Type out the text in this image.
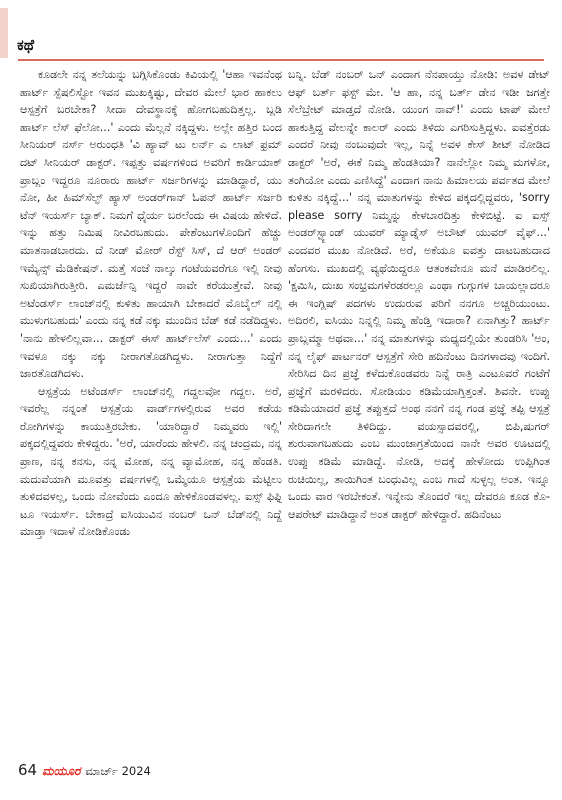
ಕಥೆ

ಕೂಡಲೇ ನನ್ನ ತಲೆಯನ್ನು ಬಗ್ಗಿಸಿಕೊಂಡು ಕಿವಿಯಲ್ಲಿ 'ಆಹಾ ಇವನೆಂಥ ಹಾರ್ಟ್ ಸ್ಪೆಷಲಿಸ್ಟೋ ಇವನ ಮುಖಕ್ಕಿಷ್ಟು, ದೇವರ ಮೇಲೆ ಭಾರ ಹಾಕಲು ಆಸ್ಪತ್ರೆಗೆ ಬರಬೇಕಾ? ಸೀದಾ ದೇವಸ್ಥಾನಕ್ಕೆ ಹೋಗಬಹುದಿತ್ತಲ್ಲ. ಬ್ಲಡಿ ಹಾರ್ಟ್ ಲೆಸ್ ಫೆಲೋ...' ಎಂದು ಮೆಲ್ಲನೆ ನಕ್ಕಿದ್ದಳು. ಅಲ್ಲೇ ಹತ್ತಿರ ಬಂದ ಸೀನಿಯರ್ ನರ್ಸ್ ಅರುಂಧತಿ 'ವಿ ಹ್ಯಾವ್ ಟು ಲರ್ನ್ ಎ ಲಾಟ್ ಫ್ರಮ್ ದಟ್ ಸೀನಿಯರ್ ಡಾಕ್ಟರ್. ಇಪ್ಪತ್ತು ವರ್ಷಗಳಿಂದ ಅವರಿಗೆ ಕಾರ್ಡಿಯಾಕ್ ಪ್ರಾಬ್ಲಂ ಇದ್ದರೂ ನೂರಾರು ಹಾರ್ಟ್ ಸರ್ಜರಿಗಳನ್ನು ಮಾಡಿದ್ದಾರೆ, ಯು ನೋ, ಹೀ ಹಿಮ್‌ಸೆಲ್ಫ್ ಹ್ಯಾಸ್ ಅಂಡರ್‌ಗಾನ್ ಓಪನ್ ಹಾರ್ಟ್ ಸರ್ಜರಿ ಟೆನ್ ಇಯರ್ಸ್ ಬ್ಯಾಕ್. ನಿಮಗೆ ಧೈರ್ಯ ಬರಲೆಂದು ಈ ವಿಷಯ ಹೇಳಿದೆ. ಇನ್ನು ಹತ್ತು ನಿಮಿಷ ನೀವಿರಬಹುದು. ಪೇಶೆಂಟುಗಳೊಂದಿಗೆ ಹೆಚ್ಚು ಮಾತನಾಡಬಾರದು. ದೆ ನೀಡ್ ಮೋರ್ ರೆಸ್ಟ್ ಸಿಸ್, ದೆ ಆರ್ ಅಂಡರ್ ಇಮ್ಯೆನ್ಸ್ ಮೆಡಿಕೇಷನ್. ಮತ್ತೆ ಸಂಜೆ ನಾಲ್ಕು ಗಂಟೆಯವರೆಗೂ ಇಲ್ಲಿ ನೀವು ಸುಖಿಯಾಗಿರುತ್ತೀರಿ. ಎಮರ್ಜೆನ್ಸಿ ಇದ್ದರೆ ನಾವೇ ಕರೆಯುತ್ತೇವೆ. ನೀವು ಅಟೆಂಡರ್ಸ್ ಲಾಂಜ್‌ನಲ್ಲಿ ಕುಳಿತು ಹಾಯಾಗಿ ಬೇಕಾದರೆ ಮೊಬೈಲ್ ನಲ್ಲಿ ಮುಳುಗಬಹುದು' ಎಂದು ನನ್ನ ಕಡೆ ನಕ್ಕು ಮುಂದಿನ ಬೆಡ್ ಕಡೆ ನಡೆದಿದ್ದಳು. 'ನಾನು ಹೇಳಲಿಲ್ಲವಾ... ಡಾಕ್ಟರ್ ಈಸ್ ಹಾರ್ಟ್‌ಲೆಸ್ ಎಂದು...' ಎಂದು ಇವಳೂ ನಕ್ಕು ನಕ್ಕು ನೀರಾಗತೊಡಗಿದ್ದಳು. ನೀರಾಗುತ್ತಾ ನಿದ್ದೆಗೆ ಜಾರತೊಡಗಿದಳು.

ಆಸ್ಪತ್ರೆಯ ಅಟೆಂಡರ್ಸ್ ಲಾಂಜ್‌ನಲ್ಲಿ ಗದ್ದಲವೋ ಗದ್ದಲ. ಅರೆ, ಇವರೆಲ್ಲ ನನ್ನಂತೆ ಆಸ್ಪತ್ರೆಯ ವಾರ್ಡ್‌ಗಳಲ್ಲಿರುವ ಅವರ ಕಡೆಯ ರೋಗಿಗಳನ್ನು ಕಾಯುತ್ತಿರಬೇಕು. 'ಯಾರಿದ್ದಾರೆ ನಿಮ್ಮವರು ಇಲ್ಲಿ' ಪಕ್ಕದಲ್ಲಿದ್ದವರು ಕೇಳಿದ್ದರು. 'ಅರೆ, ಯಾರೆಂದು ಹೇಳಲಿ. ನನ್ನ ಚಂದ್ರಮ, ನನ್ನ ಪ್ರಾಣ, ನನ್ನ ಕನಸು, ನನ್ನ ಮೋಹ, ನನ್ನ ವ್ಯಾಮೋಹ, ನನ್ನ ಹೆಂಡತಿ. ಮದುವೆಯಾಗಿ ಮೂವತ್ತು ವರ್ಷಗಳಲ್ಲಿ ಒಮ್ಮೆಯೂ ಆಸ್ಪತ್ರೆಯ ಮೆಟ್ಟಿಲು ತುಳಿದವಳಲ್ಲ, ಒಂದು ನೋವೆಂದು ಎಂದೂ ಹೇಳಿಕೊಂಡವಳಲ್ಲ. ಐಸ್ಸ್ ಫಿಫ್ಟಿ ಟೂ ಇಯರ್ಸ್. ಬೇಕಾದ್ರೆ ಐಸಿಯುವಿನ ನಂಬರ್ ಒನ್ ಬೆಡ್‌ನಲ್ಲಿ ನಿದ್ದೆ ಮಾಡ್ತಾ ಇದಾಳೆ ನೋಡಿಕೊಂಡು

ಬನ್ನಿ. ಬೆಡ್ ನಂಬರ್ ಒನ್ ಎಂದಾಗ ನೆನಪಾಯ್ತು ನೋಡಿ: ಅವಳ ಡೇಟ್ ಆಫ್ ಬರ್ತ್ ಫಸ್ಟ್ ಮೇ. 'ಆ ಹಾ, ನನ್ನ ಬರ್ತ್ ಡೇನ ಇಡೀ ಜಗತ್ತೇ ಸೆಲೆಬ್ರೇಟ್ ಮಾಡ್ತದೆ ನೋಡಿ. ಯುಂಗ ನಾವ್!' ಎಂದು ಟಾಪ್ ಮೇಲೆ ಹಾಕುತ್ತಿದ್ದ ವೇಲನ್ನೇ ಕಾಲರ್ ಎಂದು ತಿಳಿದು ಎಗರಿಸುತ್ತಿದ್ದಳು. ಐವತ್ತೆರಡು ಎಂದರೆ ನೀವು ನಂಬುವುದೇ ಇಲ್ಲ, ನಿನ್ನೆ ಅವಳ ಕೇಸ್ ಶೀಟ್ ನೋಡಿದ ಡಾಕ್ಟರ್ 'ಅರೆ, ಈಕೆ ನಿಮ್ಮ ಹೆಂಡತಿಯಾ? ನಾನೆಲ್ಲೋ ನಿಮ್ಮ ಮಗಳೋ, ತಂಗಿಯೋ ಎಂದು ಎಣಿಸಿದ್ದೆ' ಎಂದಾಗ ನಾನು ಹಿಮಾಲಯ ಪರ್ವತದ ಮೇಲೆ ಕುಳಿತು ನಕ್ಕಿದ್ದೆ...' ನನ್ನ ಮಾತುಗಳನ್ನು ಕೇಳಿದ ಪಕ್ಕದಲ್ಲಿದ್ದವರು, 'sorry please sorry ನಿಮ್ಮನ್ನು ಕೇಳಬಾರದಿತ್ತು ಕೇಳಿಬಿಟ್ಟೆ. ಐ ಐಸ್ಸ್ ಅಂಡರ್‌ಸ್ಟ್ಯಾಂಡ್ ಯುವರ್ ಮ್ಯಾಡ್ನೆಸ್ ಅಬೌಟ್ ಯುವರ್ ವೈಫ್...' ಎಂದವರ ಮುಖ ನೋಡಿದೆ. ಅರೆ, ಅಕೆಯೂ ಐವತ್ತು ದಾಟಬಹುದಾದ ಹೆಂಗಸು. ಮುಖದಲ್ಲಿ ವ್ಯಥೆಯಿದ್ದರೂ ಆತಂಕವೇನೂ ಮನೆ ಮಾಡಿರಲಿಲ್ಲ. 'ಕ್ಷಮಿಸಿ, ದುಃಖ ಸಂಭ್ರಮಗಳೆರಡರಲ್ಲೂ ಎಂಥಾ ಗುಗ್ಗುಗಳ ಬಾಯಲ್ಲಾದರೂ ಈ ಇಂಗ್ಲಿಷ್ ಪದಗಳು ಉದುರುವ ಪರಿಗೆ ನನಗೂ ಅಚ್ಚರಿಯುಂಟು. ಅದಿರಲಿ, ಐಸಿಯು ನಿನ್ನಲ್ಲಿ ನಿಮ್ಮ ಹೆಂಡ್ತಿ ಇದಾರಾ? ಏನಾಗಿತ್ತು? ಹಾರ್ಟ್ ಪ್ರಾಬ್ಲಮ್ಮಾ ಅಥವಾ...' ನನ್ನ ಮಾತುಗಳನ್ನು ಮಧ್ಯದಲ್ಲಿಯೇ ತುಂಡರಿಸಿ 'ಅಂ, ನನ್ನ ಲೈಫ್ ಪಾರ್ಟನರ್ ಆಸ್ಪತ್ರೆಗೆ ಸೇರಿ ಹದಿನೆಂಟು ದಿನಗಳಾದವು ಇಂದಿಗೆ. ಸೇರಿಸಿದ ದಿನ ಪ್ರಜ್ಞೆ ಕಳೆದುಕೊಂಡವರು ನಿನ್ನೆ ರಾತ್ರಿ ಎಂಟೂವರೆ ಗಂಟೆಗೆ ಪ್ರಜ್ಞೆಗೆ ಮರಳಿದರು. ಸೋಡಿಯಂ ಕಡಿಮೆಯಾಗ್ತಿತ್ತಂತೆ. ಶಿವನೇ. ಉಪ್ಪು ಕಡಿಮೆಯಾದರೆ ಪ್ರಜ್ಞೆ ತಪ್ಪುತ್ತದೆ ಅಂಥ ನನಗೆ ನನ್ನ ಗಂಡ ಪ್ರಜ್ಞೆ ತಪ್ಪಿ ಆಸ್ಪತ್ರೆ ಸೇರಿದಾಗಲೇ ತಿಳಿದಿದ್ದು. ವಯಸ್ಸಾದವರಲ್ಲಿ, ಬಿಪಿ,ಷುಗರ್ ಶುರುವಾಗಬಹುದು ಎಂಬ ಮುಂಜಾಗ್ರತೆಯಿಂದ ನಾನೇ ಅವರ ಊಟದಲ್ಲಿ ಉಪ್ಪು ಕಡಿಮೆ ಮಾಡಿದ್ದೆ. ನೋಡಿ, ಅದಕ್ಕೆ ಹೇಳೋದು ಉಪ್ಪಿಗಿಂತ ರುಚಿಯಿಲ್ಲ, ತಾಯಿಗಿಂತ ಬಂಧುವಿಲ್ಲ ಎಂಬ ಗಾದೆ ಸುಳ್ಳಲ್ಲ ಅಂತ. ಇನ್ನೂ ಒಂದು ವಾರ ಇರಬೇಕಂತೆ. ಇನ್ನೇನು ತೊಂದರೆ ಇಲ್ಲ ದೇವರೂ ಕೂಡ ಕೊ- ಆಪರೇಟ್ ಮಾಡಿದ್ದಾನೆ ಅಂತ ಡಾಕ್ಟರ್ ಹೇಳಿದ್ದಾರೆ. ಹದಿನೆಂಟು

64 ಮಯೂರ ಮಾರ್ಚ್ 2024
